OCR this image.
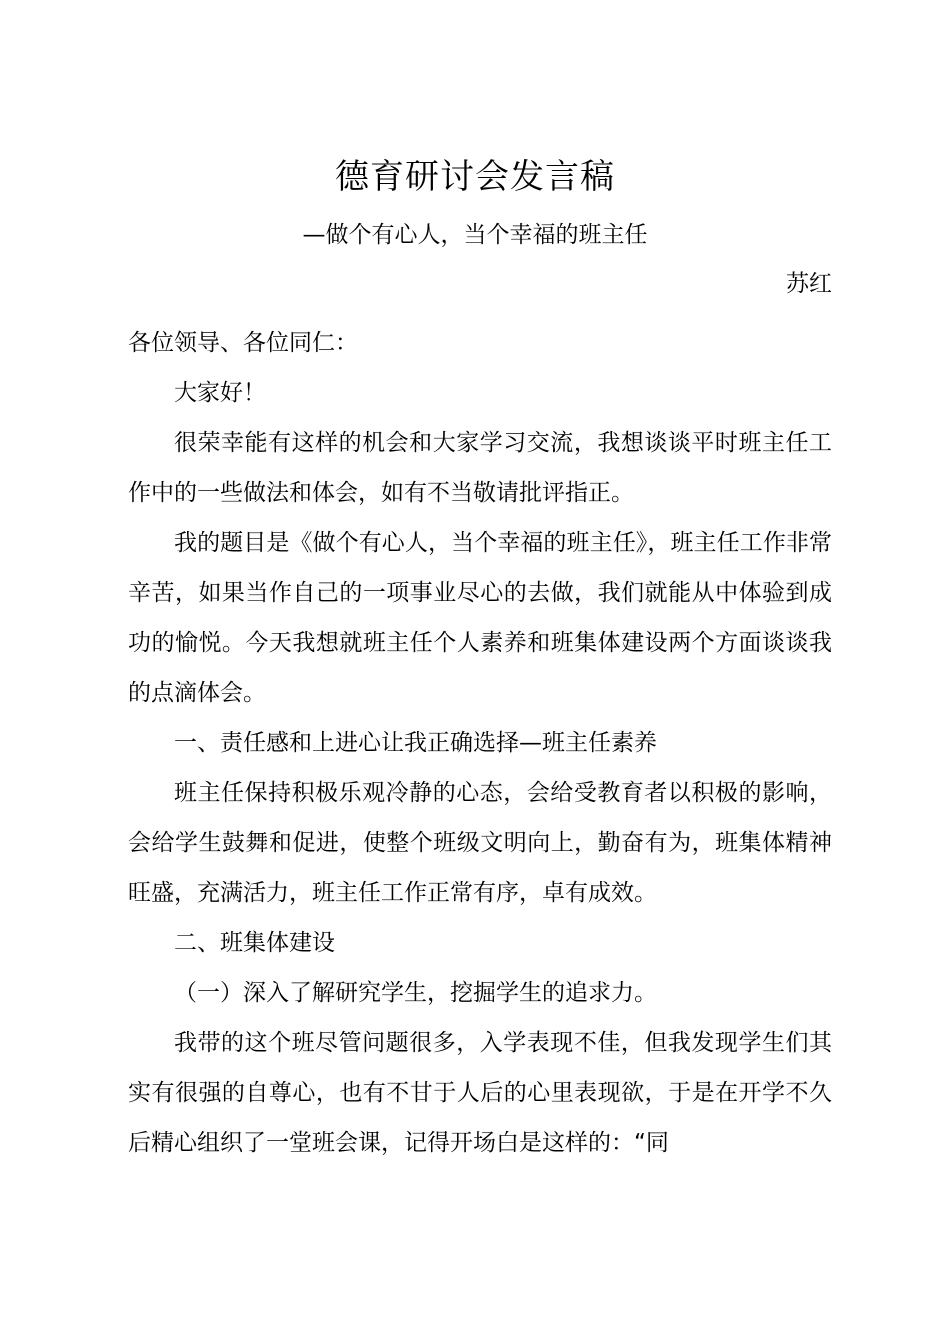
德育研讨会发言稿
—做个有心人，当个幸福的班主任
苏红

各位领导、各位同仁：

大家好！

很荣幸能有这样的机会和大家学习交流，我想谈谈平时班主任工作中的一些做法和体会，如有不当敬请批评指正。

我的题目是《做个有心人，当个幸福的班主任》，班主任工作非常辛苦，如果当作自己的一项事业尽心的去做，我们就能从中体验到成功的愉悦。今天我想就班主任个人素养和班集体建设两个方面谈谈我的点滴体会。

一、责任感和上进心让我正确选择—班主任素养

班主任保持积极乐观冷静的心态，会给受教育者以积极的影响，会给学生鼓舞和促进，使整个班级文明向上，勤奋有为，班集体精神旺盛，充满活力，班主任工作正常有序，卓有成效。

二、班集体建设

（一）深入了解研究学生，挖掘学生的追求力。

我带的这个班尽管问题很多，入学表现不佳，但我发现学生们其实有很强的自尊心，也有不甘于人后的心里表现欲，于是在开学不久后精心组织了一堂班会课，记得开场白是这样的：“同
